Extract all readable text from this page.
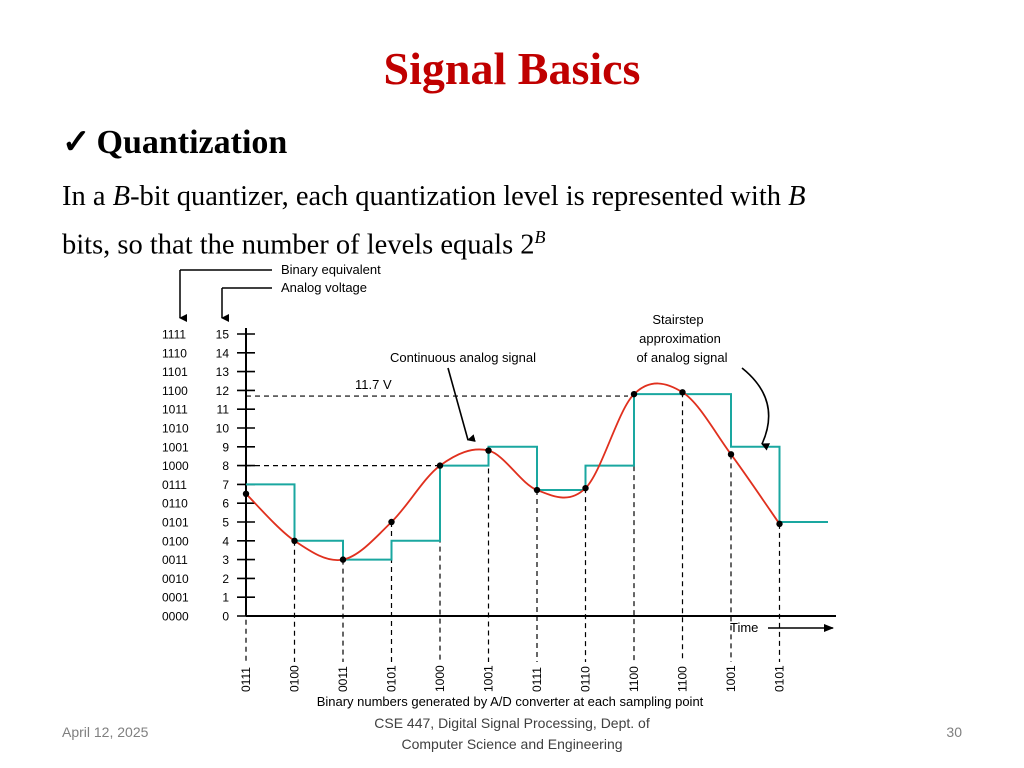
Signal Basics
✓ Quantization
In a B-bit quantizer, each quantization level is represented with B
bits, so that the number of levels equals $2^B$
Binary equivalent
Analog voltage
1111 15
1110 14
1101 13
1100 12
1011 11
1010 10
1001	9
1000	8
0111	7
0110	6
0101	5
0100	4
0011	3
0010	2
0001	1
0000	0
0111	0100	0011	0101	1000	1001	0111	0110	1100	1100	1001	0101
11.7 V
Continuous analog signal
Stairstep
approximation
of analog signal
Time
Binary numbers generated by A/D converter at each sampling point
April 12, 2025
CSE 447, Digital Signal Processing, Dept. of
Computer Science and Engineering
30
